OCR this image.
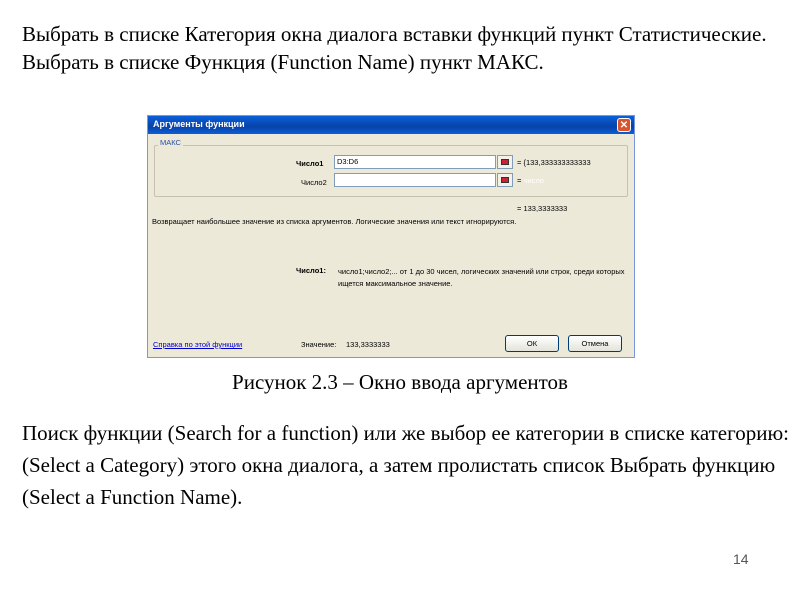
Выбрать в списке Категория окна диалога вставки функций пункт Статистические.
Выбрать в списке Функция (Function Name) пункт МАКС.

Аргументы функции	✕
МАКС
Число1	D3:D6	= {133,333333333333
Число2	= число
= 133,3333333
Возвращает наибольшее значение из списка аргументов. Логические значения или текст игнорируются.
Число1: число1;число2;... от 1 до 30 чисел, логических значений или строк, среди которых ищется максимальное значение.
Справка по этой функции	Значение: 133,3333333	ОК	Отмена
Рисунок 2.3 – Окно ввода аргументов

Поиск функции (Search for a function) или же выбор ее категории в списке категорию: (Select a Category) этого окна диалога, а затем пролистать список Выбрать функцию (Select a Function Name).

14
